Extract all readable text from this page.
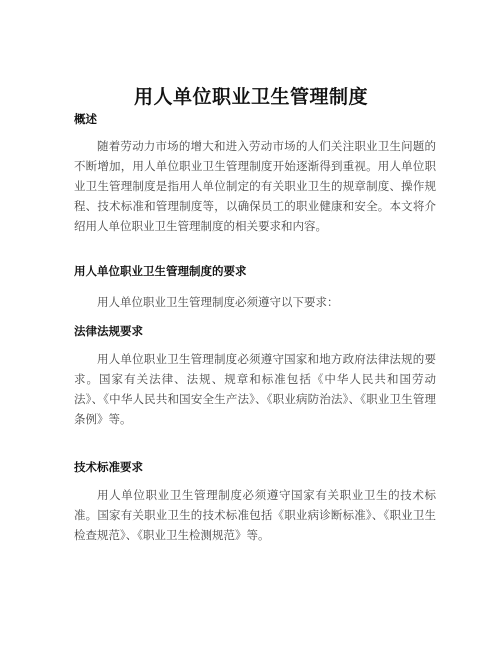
用人单位职业卫生管理制度
概述
随着劳动力市场的增大和进入劳动市场的人们关注职业卫生问题的不断增加，用人单位职业卫生管理制度开始逐渐得到重视。用人单位职业卫生管理制度是指用人单位制定的有关职业卫生的规章制度、操作规程、技术标准和管理制度等，以确保员工的职业健康和安全。本文将介绍用人单位职业卫生管理制度的相关要求和内容。
用人单位职业卫生管理制度的要求
用人单位职业卫生管理制度必须遵守以下要求：
法律法规要求
用人单位职业卫生管理制度必须遵守国家和地方政府法律法规的要求。国家有关法律、法规、规章和标准包括《中华人民共和国劳动法》、《中华人民共和国安全生产法》、《职业病防治法》、《职业卫生管理条例》等。
技术标准要求
用人单位职业卫生管理制度必须遵守国家有关职业卫生的技术标准。国家有关职业卫生的技术标准包括《职业病诊断标准》、《职业卫生检查规范》、《职业卫生检测规范》等。
